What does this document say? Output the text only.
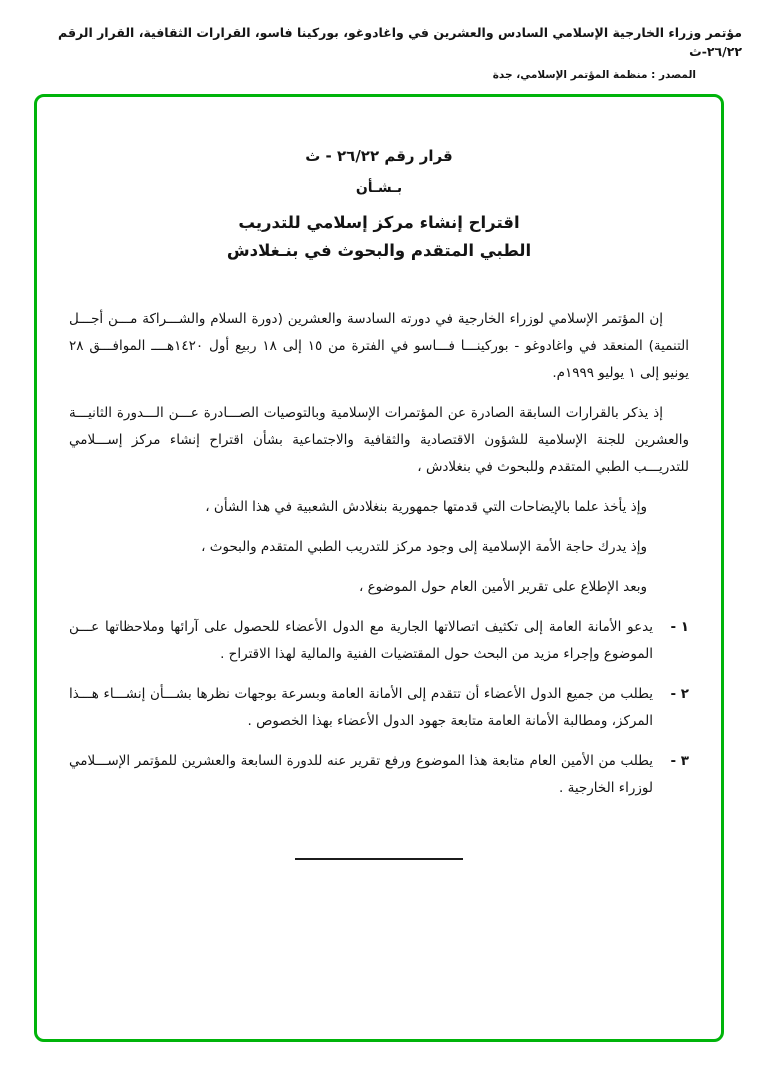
مؤتمر وزراء الخارجية الإسلامي السادس والعشرين في واغادوغو، بوركينا فاسو، القرارات الثقافية، القرار الرقم ٢٦/٢٢-ث
المصدر : منظمة المؤتمر الإسلامي، جدة
قرار رقم ٢٦/٢٢ - ث
بـشـأن
اقتراح إنشاء مركز إسلامي للتدريب
الطبي المتقدم والبحوث في بنـغلادش

إن المؤتمر الإسلامي لوزراء الخارجية في دورته السادسة والعشرين (دورة السلام والشـــراكة مـــن أجـــل التنمية) المنعقد في واغادوغو - بوركينـــا فـــاسو في الفترة من ١٥ إلى ١٨ ربيع أول ١٤٢٠هــــ الموافـــق ٢٨ يونيو إلى ١ يوليو ١٩٩٩م.

إذ يذكر بالقرارات السابقة الصادرة عن المؤتمرات الإسلامية وبالتوصيات الصـــادرة عـــن الـــدورة الثانيـــة والعشرين للجنة الإسلامية للشؤون الاقتصادية والثقافية والاجتماعية بشأن اقتراح إنشاء مركز إســـلامي للتدريـــب الطبي المتقدم وللبحوث في بنغلادش ،

وإذ يأخذ علما بالإيضاحات التي قدمتها جمهورية بنغلادش الشعبية في هذا الشأن ،

وإذ يدرك حاجة الأمة الإسلامية إلى وجود مركز للتدريب الطبي المتقدم والبحوث ،

وبعد الإطلاع على تقرير الأمين العام حول الموضوع ،

١ -
يدعو الأمانة العامة إلى تكثيف اتصالاتها الجارية مع الدول الأعضاء للحصول على آرائها وملاحظاتها عـــن الموضوع وإجراء مزيد من البحث حول المقتضيات الفنية والمالية لهذا الاقتراح .
٢ -
يطلب من جميع الدول الأعضاء أن تتقدم إلى الأمانة العامة وبسرعة بوجهات نظرها بشـــأن إنشـــاء هـــذا المركز، ومطالبة الأمانة العامة متابعة جهود الدول الأعضاء بهذا الخصوص .
٣ -
يطلب من الأمين العام متابعة هذا الموضوع ورفع تقرير عنه للدورة السابعة والعشرين للمؤتمر الإســـلامي لوزراء الخارجية .
